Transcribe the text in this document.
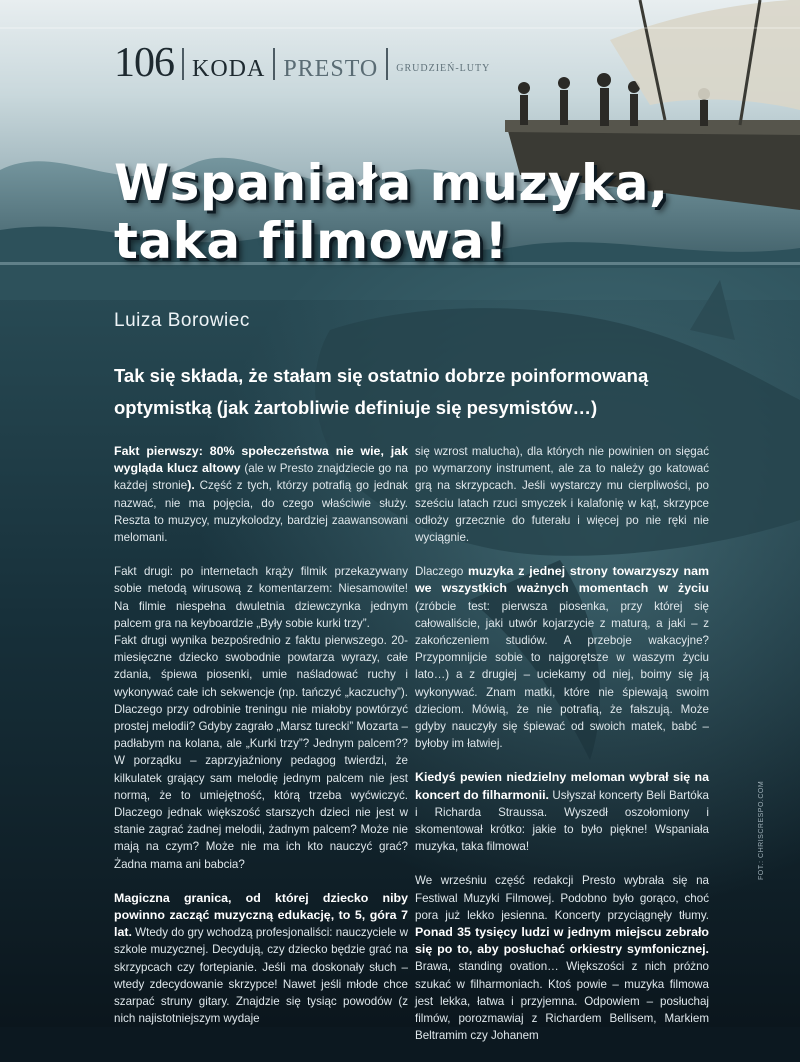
106 KODA PRESTO GRUDZIEŃ-LUTY
Wspaniała muzyka,
taka filmowa!
Luiza Borowiec
Tak się składa, że stałam się ostatnio dobrze poinformowaną optymistką (jak żartobliwie definiuje się pesymistów…)

Fakt pierwszy: 80% społeczeństwa nie wie, jak wygląda klucz altowy (ale w Presto znajdziecie go na każdej stronie). Część z tych, którzy potrafią go jednak nazwać, nie ma pojęcia, do czego właściwie służy. Reszta to muzycy, muzykolodzy, bardziej zaawansowani melomani.

Fakt drugi: po internetach krąży filmik przekazywany sobie metodą wirusową z komentarzem: Niesamowite! Na filmie niespełna dwuletnia dziewczynka jednym palcem gra na keyboardzie „Były sobie kurki trzy”.

Fakt drugi wynika bezpośrednio z faktu pierwszego. 20-miesięczne dziecko swobodnie powtarza wyrazy, całe zdania, śpiewa piosenki, umie naśladować ruchy i wykonywać całe ich sekwencje (np. tańczyć „kaczuchy”). Dlaczego przy odrobinie treningu nie miałoby powtórzyć prostej melodii? Gdyby zagrało „Marsz turecki” Mozarta – padłabym na kolana, ale „Kurki trzy”? Jednym palcem?? W porządku – zaprzyjaźniony pedagog twierdzi, że kilkulatek grający sam melodię jednym palcem nie jest normą, że to umiejętność, którą trzeba wyćwiczyć. Dlaczego jednak większość starszych dzieci nie jest w stanie zagrać żadnej melodii, żadnym palcem? Może nie mają na czym? Może nie ma ich kto nauczyć grać? Żadna mama ani babcia?

Magiczna granica, od której dziecko niby powinno zacząć muzyczną edukację, to 5, góra 7 lat. Wtedy do gry wchodzą profesjonaliści: nauczyciele w szkole muzycznej. Decydują, czy dziecko będzie grać na skrzypcach czy fortepianie. Jeśli ma doskonały słuch – wtedy zdecydowanie skrzypce! Nawet jeśli młode chce szarpać struny gitary. Znajdzie się tysiąc powodów (z nich najistotniejszym wydaje

się wzrost malucha), dla których nie powinien on sięgać po wymarzony instrument, ale za to należy go katować grą na skrzypcach. Jeśli wystarczy mu cierpliwości, po sześciu latach rzuci smyczek i kalafonię w kąt, skrzypce odłoży grzecznie do futerału i więcej po nie ręki nie wyciągnie.

Dlaczego muzyka z jednej strony towarzyszy nam we wszystkich ważnych momentach w życiu (zróbcie test: pierwsza piosenka, przy której się całowaliście, jaki utwór kojarzycie z maturą, a jaki – z zakończeniem studiów. A przeboje wakacyjne? Przypomnijcie sobie to najgorętsze w waszym życiu lato…) a z drugiej – uciekamy od niej, boimy się ją wykonywać. Znam matki, które nie śpiewają swoim dzieciom. Mówią, że nie potrafią, że fałszują. Może gdyby nauczyły się śpiewać od swoich matek, babć – byłoby im łatwiej.

Kiedyś pewien niedzielny meloman wybrał się na koncert do filharmonii. Usłyszał koncerty Beli Bartóka i Richarda Straussa. Wyszedł oszołomiony i skomentował krótko: jakie to było piękne! Wspaniała muzyka, taka filmowa!

We wrześniu część redakcji Presto wybrała się na Festiwal Muzyki Filmowej. Podobno było gorąco, choć pora już lekko jesienna. Koncerty przyciągnęły tłumy. Ponad 35 tysięcy ludzi w jednym miejscu zebrało się po to, aby posłuchać orkiestry symfonicznej. Brawa, standing ovation… Większości z nich próżno szukać w filharmoniach. Ktoś powie – muzyka filmowa jest lekka, łatwa i przyjemna. Odpowiem – posłuchaj filmów, porozmawiaj z Richardem Bellisem, Markiem Beltramim czy Johanem

FOT.: CHRISCRESPO.COM
